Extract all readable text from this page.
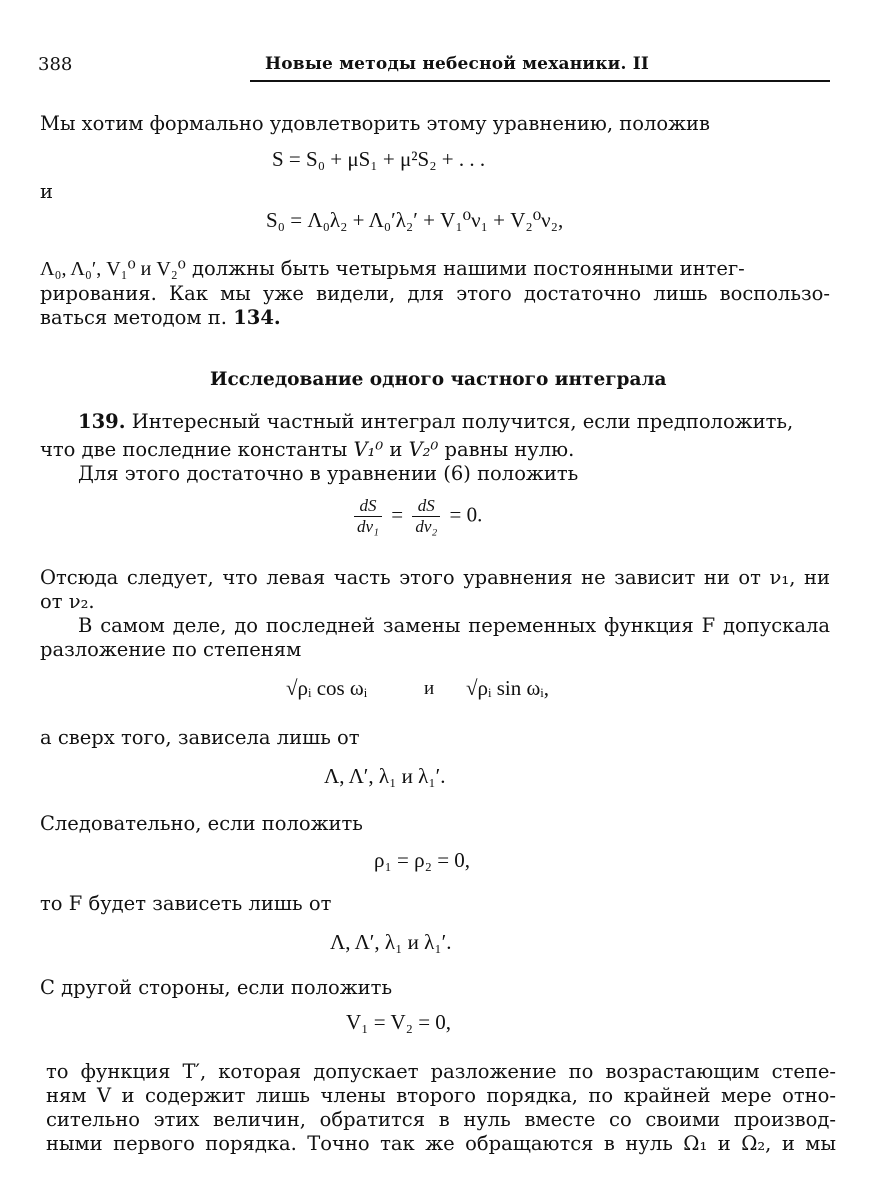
388	Новые методы небесной механики. II
Мы хотим формально удовлетворить этому уравнению, положив
S = S₀ + μS₁ + μ²S₂ + . . .
и
S₀ = Λ₀λ₂ + Λ₀′λ₂′ + V₁⁰ν₁ + V₂⁰ν₂,
Λ₀, Λ₀′, V₁⁰ и V₂⁰ должны быть четырьмя нашими постоянными интег-
рирования. Как мы уже видели, для этого достаточно лишь воспользо-
ваться методом п. 134.
Исследование одного частного интеграла
139. Интересный частный интеграл получится, если предположить,
что две последние константы V₁⁰ и V₂⁰ равны нулю.
Для этого достаточно в уравнении (6) положить
$\frac{dS}{\text{dν₁}} = \frac{dS}{\text{dν₂}} = 0$.
Отсюда следует, что левая часть этого уравнения не зависит ни от ν₁, ни
от ν₂.
В самом деле, до последней замены переменных функция F допускала
разложение по степеням
√ρᵢ cos ωᵢ	и √ρᵢ sin ωᵢ,
а сверх того, зависела лишь от
Λ, Λ′, λ₁ и λ₁′.
Следовательно, если положить
ρ₁ = ρ₂ = 0,
то F будет зависеть лишь от
Λ, Λ′, λ₁ и λ₁′.
С другой стороны, если положить
V₁ = V₂ = 0,
то функция T′, которая допускает разложение по возрастающим степе-
ням V и содержит лишь члены второго порядка, по крайней мере отно-
сительно этих величин, обратится в нуль вместе со своими производ-
ными первого порядка. Точно так же обращаются в нуль Ω₁ и Ω₂, и мы
